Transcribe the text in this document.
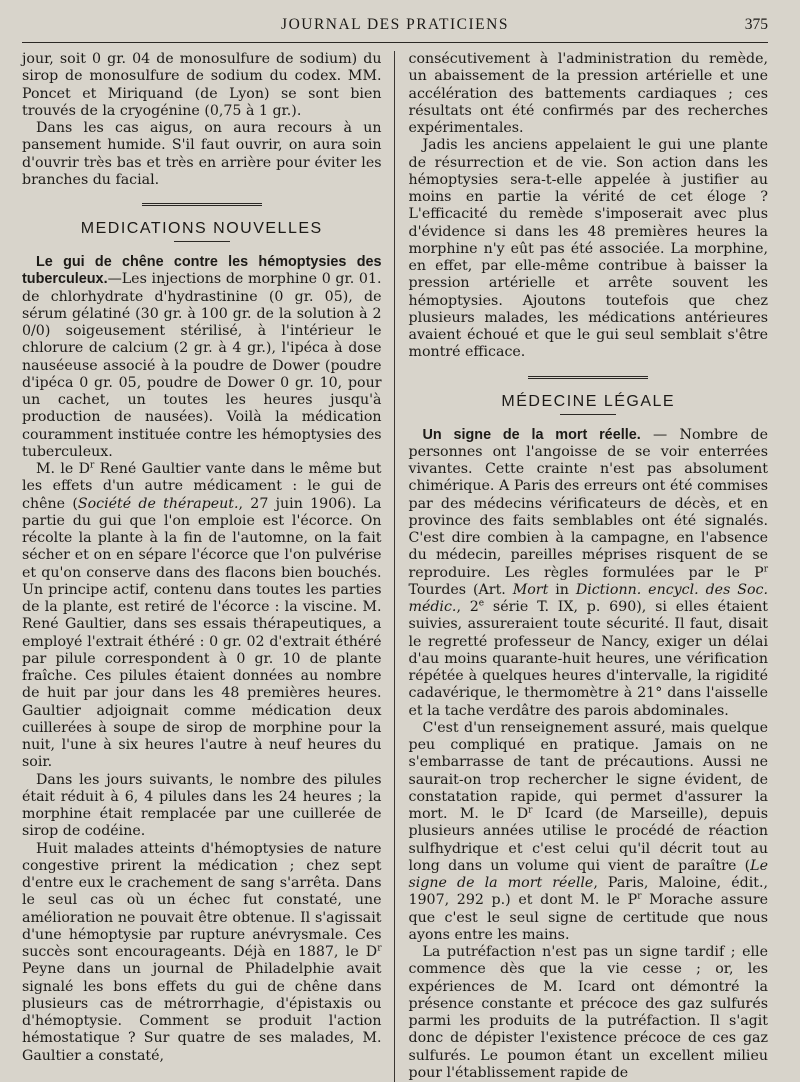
JOURNAL DES PRATICIENS	375

jour, soit 0 gr. 04 de monosulfure de sodium) du sirop de monosulfure de sodium du codex. MM. Poncet et Miriquand (de Lyon) se sont bien trouvés de la cryogénine (0,75 à 1 gr.).

Dans les cas aigus, on aura recours à un pansement humide. S'il faut ouvrir, on aura soin d'ouvrir très bas et très en arrière pour éviter les branches du facial.

MEDICATIONS NOUVELLES

Le gui de chêne contre les hémoptysies des tuberculeux.—Les injections de morphine 0 gr. 01. de chlorhydrate d'hydrastinine (0 gr. 05), de sérum gélatiné (30 gr. à 100 gr. de la solution à 2 0/0) soigeusement stérilisé, à l'intérieur le chlorure de calcium (2 gr. à 4 gr.), l'ipéca à dose nauséeuse associé à la poudre de Dower (poudre d'ipéca 0 gr. 05, poudre de Dower 0 gr. 10, pour un cachet, un toutes les heures jusqu'à production de nausées). Voilà la médication couramment instituée contre les hémoptysies des tuberculeux.

M. le $D^r$ René Gaultier vante dans le même but les effets d'un autre médicament : le gui de chêne (Société de thérapeut., 27 juin 1906). La partie du gui que l'on emploie est l'écorce. On récolte la plante à la fin de l'automne, on la fait sécher et on en sépare l'écorce que l'on pulvérise et qu'on conserve dans des flacons bien bouchés. Un principe actif, contenu dans toutes les parties de la plante, est retiré de l'écorce : la viscine. M. René Gaultier, dans ses essais thérapeutiques, a employé l'extrait éthéré : 0 gr. 02 d'extrait éthéré par pilule correspondent à 0 gr. 10 de plante fraîche. Ces pilules étaient données au nombre de huit par jour dans les 48 premières heures. Gaultier adjoignait comme médication deux cuillerées à soupe de sirop de morphine pour la nuit, l'une à six heures l'autre à neuf heures du soir.

Dans les jours suivants, le nombre des pilules était réduit à 6, 4 pilules dans les 24 heures ; la morphine était remplacée par une cuillerée de sirop de codéine.

Huit malades atteints d'hémoptysies de nature congestive prirent la médication ; chez sept d'entre eux le crachement de sang s'arrêta. Dans le seul cas où un échec fut constaté, une amélioration ne pouvait être obtenue. Il s'agissait d'une hémoptysie par rupture anévrysmale. Ces succès sont encourageants. Déjà en 1887, le $D^r$ Peyne dans un journal de Philadelphie avait signalé les bons effets du gui de chêne dans plusieurs cas de métrorrhagie, d'épistaxis ou d'hémoptysie. Comment se produit l'action hémostatique ? Sur quatre de ses malades, M. Gaultier a constaté,

consécutivement à l'administration du remède, un abaissement de la pression artérielle et une accélération des battements cardiaques ; ces résultats ont été confirmés par des recherches expérimentales.

Jadis les anciens appelaient le gui une plante de résurrection et de vie. Son action dans les hémoptysies sera-t-elle appelée à justifier au moins en partie la vérité de cet éloge ? L'efficacité du remède s'imposerait avec plus d'évidence si dans les 48 premières heures la morphine n'y eût pas été associée. La morphine, en effet, par elle-même contribue à baisser la pression artérielle et arrête souvent les hémoptysies. Ajoutons toutefois que chez plusieurs malades, les médications antérieures avaient échoué et que le gui seul semblait s'être montré efficace.

MÉDECINE LÉGALE

Un signe de la mort réelle. — Nombre de personnes ont l'angoisse de se voir enterrées vivantes. Cette crainte n'est pas absolument chimérique. A Paris des erreurs ont été commises par des médecins vérificateurs de décès, et en province des faits semblables ont été signalés. C'est dire combien à la campagne, en l'absence du médecin, pareilles méprises risquent de se reproduire. Les règles formulées par le $P^r$ Tourdes (Art. Mort in Dictionn. encycl. des Soc. médic., 2e série T. IX, p. 690), si elles étaient suivies, assureraient toute sécurité. Il faut, disait le regretté professeur de Nancy, exiger un délai d'au moins quarante-huit heures, une vérification répétée à quelques heures d'intervalle, la rigidité cadavérique, le thermomètre à 21° dans l'aisselle et la tache verdâtre des parois abdominales.

C'est d'un renseignement assuré, mais quelque peu compliqué en pratique. Jamais on ne s'embarrasse de tant de précautions. Aussi ne saurait-on trop rechercher le signe évident, de constatation rapide, qui permet d'assurer la mort. M. le $D^r$ Icard (de Marseille), depuis plusieurs années utilise le procédé de réaction sulfhydrique et c'est celui qu'il décrit tout au long dans un volume qui vient de paraître (Le signe de la mort réelle, Paris, Maloine, édit., 1907, 292 p.) et dont M. le $P^r$ Morache assure que c'est le seul signe de certitude que nous ayons entre les mains.

La putréfaction n'est pas un signe tardif ; elle commence dès que la vie cesse ; or, les expériences de M. Icard ont démontré la présence constante et précoce des gaz sulfurés parmi les produits de la putréfaction. Il s'agit donc de dépister l'existence précoce de ces gaz sulfurés. Le poumon étant un excellent milieu pour l'établissement rapide de
